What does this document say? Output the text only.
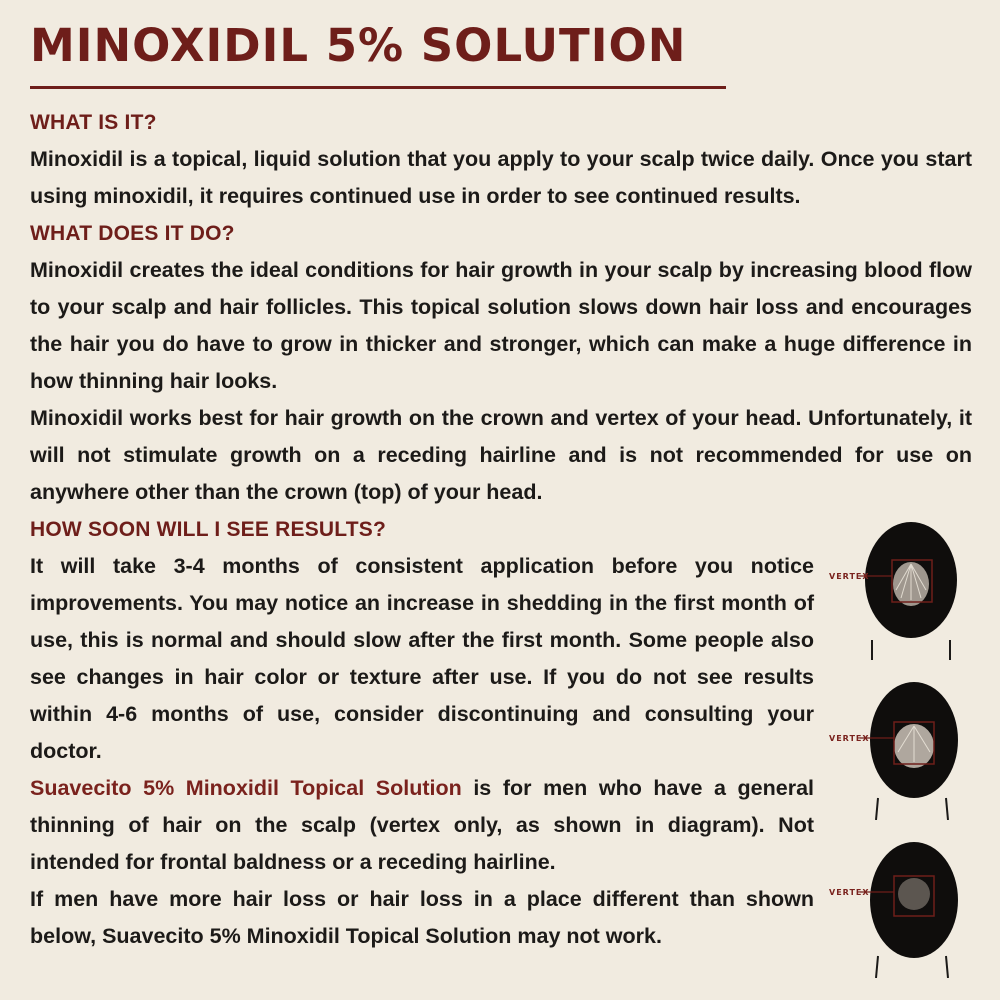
MINOXIDIL 5% SOLUTION
WHAT IS IT?

Minoxidil is a topical, liquid solution that you apply to your scalp twice daily. Once you start using minoxidil, it requires continued use in order to see continued results.

WHAT DOES IT DO?

Minoxidil creates the ideal conditions for hair growth in your scalp by increasing blood flow to your scalp and hair follicles. This topical solution slows down hair loss and encourages the hair you do have to grow in thicker and stronger, which can make a huge difference in how thinning hair looks.

Minoxidil works best for hair growth on the crown and vertex of your head. Unfortunately, it will not stimulate growth on a receding hairline and is not recommended for use on anywhere other than the crown (top) of your head.

HOW SOON WILL I SEE RESULTS?

It will take 3-4 months of consistent application before you notice improvements. You may notice an increase in shedding in the first month of use, this is normal and should slow after the first month. Some people also see changes in hair color or texture after use. If you do not see results within 4-6 months of use, consider discontinuing and consulting your doctor.

Suavecito 5% Minoxidil Topical Solution is for men who have a general thinning of hair on the scalp (vertex only, as shown in diagram). Not intended for frontal baldness or a receding hairline.

If men have more hair loss or hair loss in a place different than shown below, Suavecito 5% Minoxidil Topical Solution may not work.

VERTEX
VERTEX
VERTEX
